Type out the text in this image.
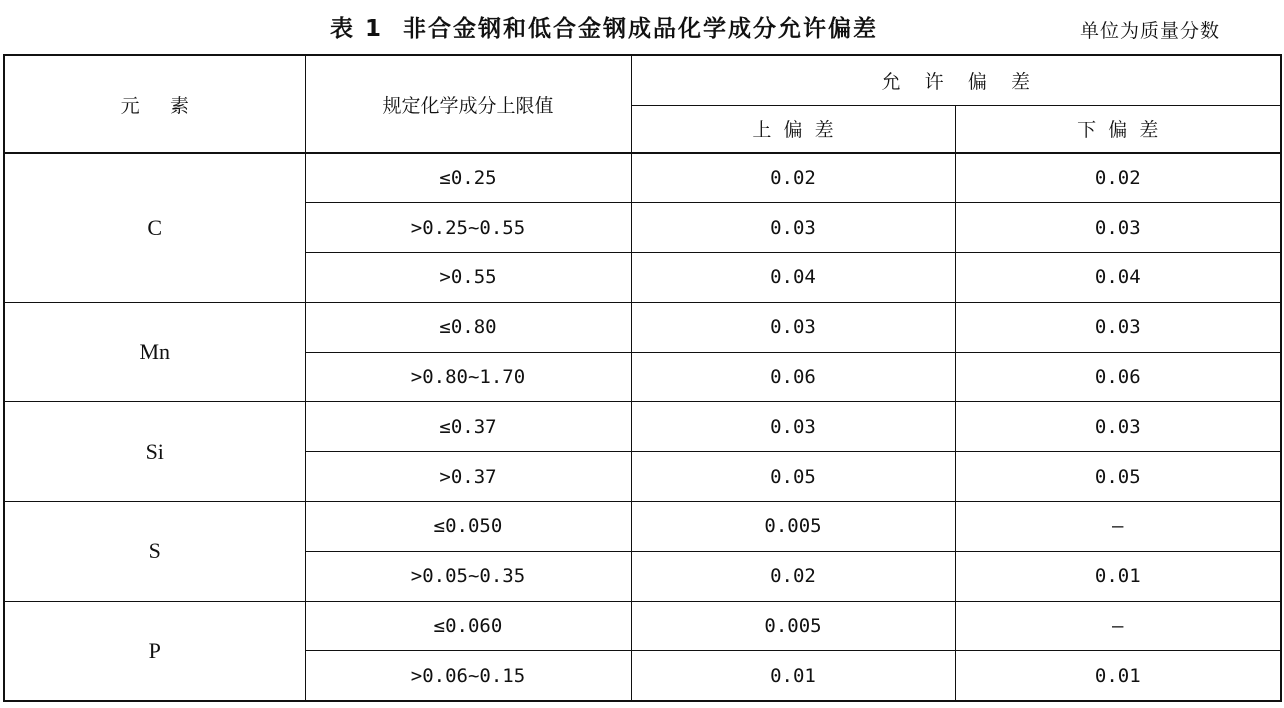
表 1  非合金钢和低合金钢成品化学成分允许偏差	单位为质量分数
元     素	规定化学成分上限值	允    许    偏    差	
		上  偏  差	下  偏  差
C	≤0.25	0.02	0.02
	>0.25~0.55	0.03	0.03
	>0.55	0.04	0.04
Mn	≤0.80	0.03	0.03
	>0.80~1.70	0.06	0.06
Si	≤0.37	0.03	0.03
	>0.37	0.05	0.05
S	≤0.050	0.005	—
	>0.05~0.35	0.02	0.01
P	≤0.060	0.005	—
	>0.06~0.15	0.01	0.01
